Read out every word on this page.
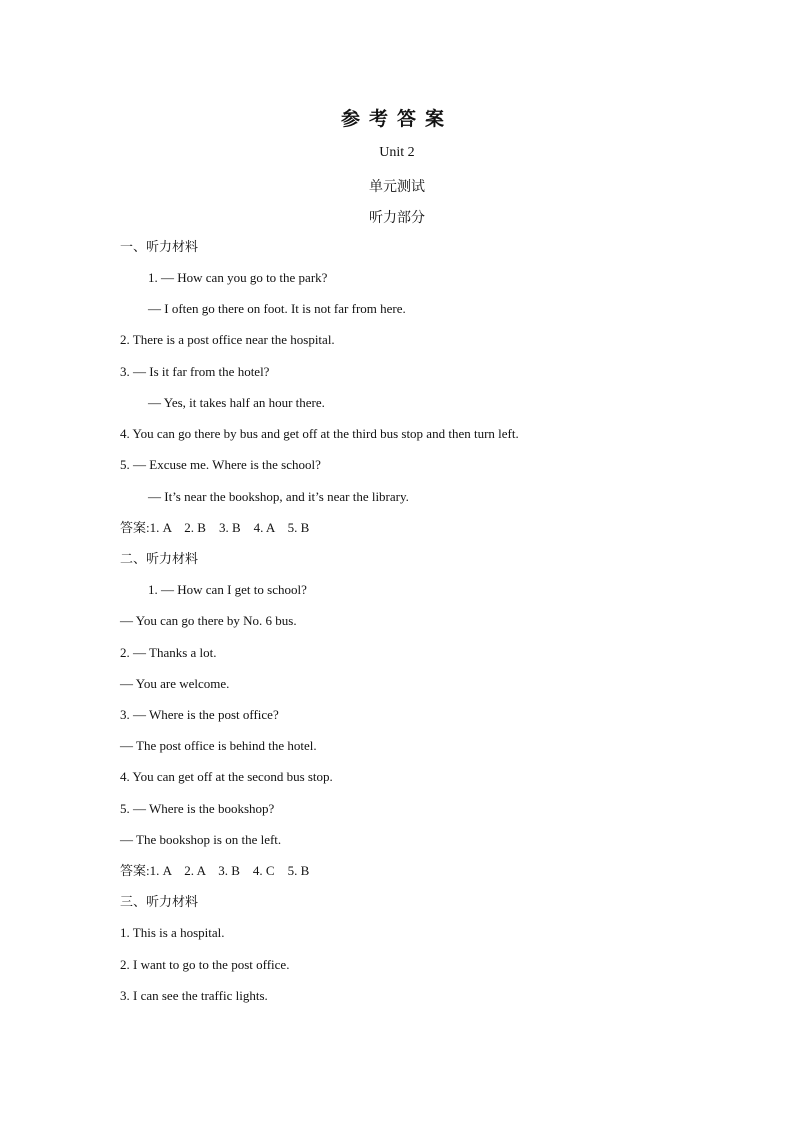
参考答案
Unit 2
单元测试
听力部分
一、听力材料
1. — How can you go to the park?
— I often go there on foot. It is not far from here.
2. There is a post office near the hospital.
3. — Is it far from the hotel?
— Yes, it takes half an hour there.
4. You can go there by bus and get off at the third bus stop and then turn left.
5. — Excuse me. Where is the school?
— It’s near the bookshop, and it’s near the library.
答案:1. A    2. B    3. B    4. A    5. B
二、听力材料
1. — How can I get to school?
— You can go there by No. 6 bus.
2. — Thanks a lot.
— You are welcome.
3. — Where is the post office?
— The post office is behind the hotel.
4. You can get off at the second bus stop.
5. — Where is the bookshop?
— The bookshop is on the left.
答案:1. A    2. A    3. B    4. C    5. B
三、听力材料
1. This is a hospital.
2. I want to go to the post office.
3. I can see the traffic lights.
